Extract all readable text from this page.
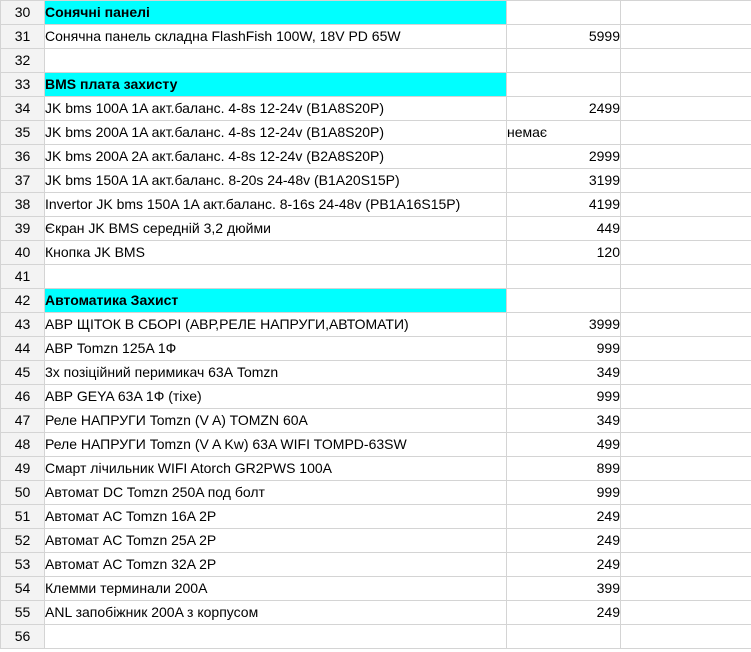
30	Сонячні панелі		
31	Сонячна панель складна FlashFish 100W, 18V PD 65W	5999	
32			
33	BMS плата захисту		
34	JK bms 100A 1A акт.баланс. 4-8s 12-24v (B1A8S20P)	2499	
35	JK bms 200A 1A акт.баланс. 4-8s 12-24v (B1A8S20P)	немає	
36	JK bms 200A 2A акт.баланс. 4-8s 12-24v (B2A8S20P)	2999	
37	JK bms 150A 1A акт.баланс. 8-20s 24-48v (B1A20S15P)	3199	
38	Invertor JK bms 150A 1A акт.баланс. 8-16s 24-48v (PB1A16S15P)	4199	
39	Єкран JK BMS середній 3,2 дюйми	449	
40	Кнопка JK BMS	120	
41			
42	Автоматика Захист		
43	АВР ЩІТОК В СБОРІ (АВР,РЕЛЕ НАПРУГИ,АВТОМАТИ)	3999	
44	АВР Tomzn 125A 1Ф	999	
45	3х позіційний перимикач 63А Tomzn	349	
46	АВР GEYA 63A 1Ф (тіхе)	999	
47	Реле НАПРУГИ Tomzn (V A) TOMZN 60A	349	
48	Реле НАПРУГИ Tomzn (V A Kw) 63A WIFI TOMPD-63SW	499	
49	Смарт лічильник WIFI Atorch GR2PWS 100A	899	
50	Автомат DC Tomzn 250A под болт	999	
51	Автомат AC Tomzn 16A 2P	249	
52	Автомат AC Tomzn 25A 2P	249	
53	Автомат AC Tomzn 32A 2P	249	
54	Клемми терминали 200А	399	
55	ANL запобіжник 200A з корпусом	249	
56			
